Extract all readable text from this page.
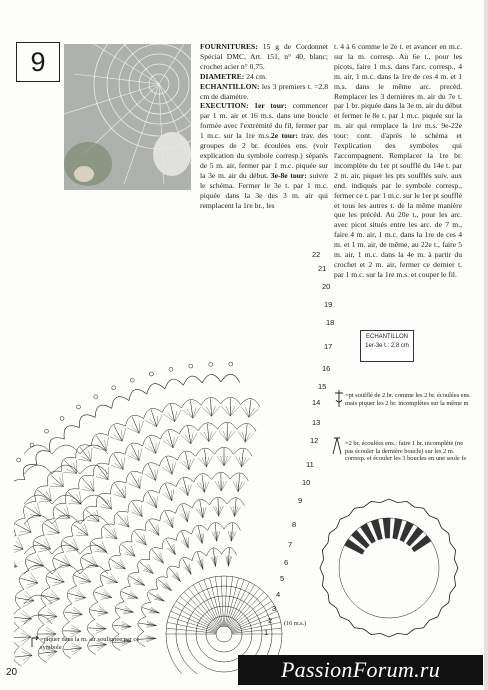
9	FOURNITURES: 15 g de Cordonnet Spécial DMC, Art. 151, n° 40, blanc; crochet acier n° 0,75.

DIAMETRE: 24 cm.

ECHANTILLON: les 3 premiers t. =2,8 cm de diamètre.

EXECUTION: 1er tour: commencer par 1 m. air et 16 m.s. dans une boucle formée avec l'extrémité du fil, fermer par 1 m.c. sur la 1re m.s.2e tour: trav. des groupes de 2 br. écoulées ens. (voir explication du symbole corresp.) séparés de 5 m. air, fermer par 1 m.c. piquée sur la 3e m. air du début. 3e-8e tour: suivre le schéma. Fermer le 3e t. par 1 m.c. piquée dans la 3e des 3 m. air qui remplacent la 1re br., les

t. 4 à 6 comme le 2e t. et avancer en m.c. sur la m. corresp. Au 6e t., pour les picots, faire 1 m.s. dans l'arc. corresp., 4 m. air, 1 m.c. dans la 1re de ces 4 m. et 1 m.s. dans le même arc. precéd. Remplacer les 3 dernières m. air du 7e t. par 1 br. piquée dans la 3e m. air du début et fermer le 8e t. par 1 m.c. piquée sur la m. air qui remplace la 1re m.s. 9e-22e tour: cont. d'après le schéma et l'explication des symboles qui l'accompagnent. Remplacer la 1re br. incomplète du 1er pt soufflé du 14e t. par 2 m. air, piquer les pts soufflés suiv. aux end. indiqués par le symbole corresp., fermer ce t. par 1 m.c. sur le 1er pt soufflé et tous les autres t. de la même manière que les précéd. Au 20e t., pour les arc. avec picot situés entre les arc. de 7 m., faire 4 m. air, 1 m.c. dans la 1re de ces 4 m. et 1 m. air, de même, au 22e t., faire 5 m. air, 1 m.c. dans la 4e m. à partir du crochet et 2 m. air, fermer ce dernier t. par 1 m.c. sur la 1re m.s. et couper le fil.

ECHANTILLON
1er-3e t.: 2,8 cm
=pt soufflé de 2 br. comme les 2 br. écoulées ens. mais piquer les 2 br. incomplètes sur la même m
=2 br. écoulées ens.: faire 1 br. incomplète (ne pas écouler la dernière boucle) sur les 2 m. corresp. et écouler les 3 boucles en une seule fs
=piquer dans la m. air soulignée par ce symbole
(16 m.s.)
20	PassionForum.ru
22
21
20
19
18
17
16
15
14
13
12
11
10
9
8
7
6
5
4
3
2
1
